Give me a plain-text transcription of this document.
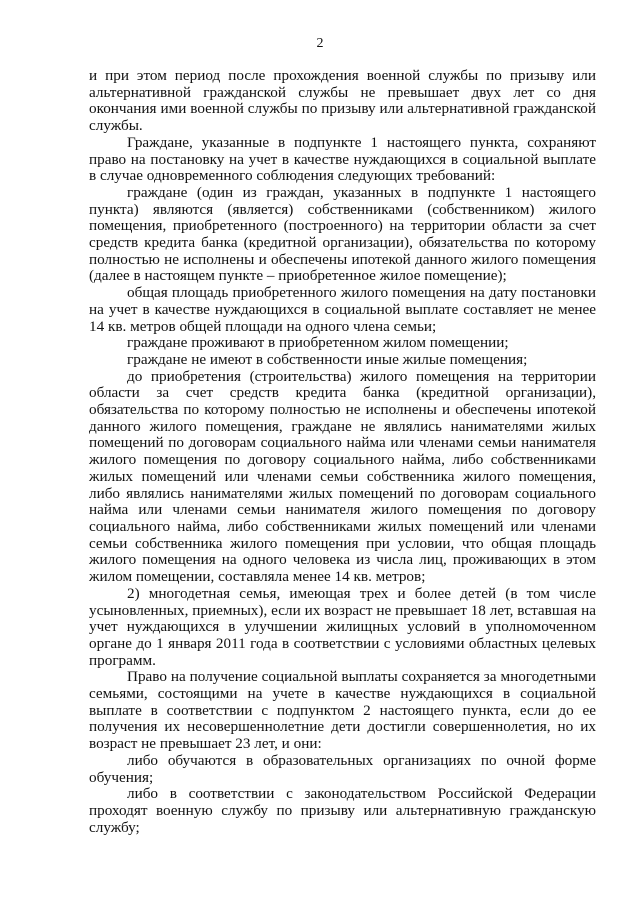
2

и при этом период после прохождения военной службы по призыву или альтернативной гражданской службы не превышает двух лет со дня окончания ими военной службы по призыву или альтернативной гражданской службы.

Граждане, указанные в подпункте 1 настоящего пункта, сохраняют право на постановку на учет в качестве нуждающихся в социальной выплате в случае одновременного соблюдения следующих требований:

граждане (один из граждан, указанных в подпункте 1 настоящего пункта) являются (является) собственниками (собственником) жилого помещения, приобретенного (построенного) на территории области за счет средств кредита банка (кредитной организации), обязательства по которому полностью не исполнены и обеспечены ипотекой данного жилого помещения (далее в настоящем пункте – приобретенное жилое помещение);

общая площадь приобретенного жилого помещения на дату постановки на учет в качестве нуждающихся в социальной выплате составляет не менее 14 кв. метров общей площади на одного члена семьи;

граждане проживают в приобретенном жилом помещении;

граждане не имеют в собственности иные жилые помещения;

до приобретения (строительства) жилого помещения на территории области за счет средств кредита банка (кредитной организации), обязательства по которому полностью не исполнены и обеспечены ипотекой данного жилого помещения, граждане не являлись нанимателями жилых помещений по договорам социального найма или членами семьи нанимателя жилого помещения по договору социального найма, либо собственниками жилых помещений или членами семьи собственника жилого помещения, либо являлись нанимателями жилых помещений по договорам социального найма или членами семьи нанимателя жилого помещения по договору социального найма, либо собственниками жилых помещений или членами семьи собственника жилого помещения при условии, что общая площадь жилого помещения на одного человека из числа лиц, проживающих в этом жилом помещении, составляла менее 14 кв. метров;

2) многодетная семья, имеющая трех и более детей (в том числе усыновленных, приемных), если их возраст не превышает 18 лет, вставшая на учет нуждающихся в улучшении жилищных условий в уполномоченном органе до 1 января 2011 года в соответствии с условиями областных целевых программ.

Право на получение социальной выплаты сохраняется за многодетными семьями, состоящими на учете в качестве нуждающихся в социальной выплате в соответствии с подпунктом 2 настоящего пункта, если до ее получения их несовершеннолетние дети достигли совершеннолетия, но их возраст не превышает 23 лет, и они:

либо обучаются в образовательных организациях по очной форме обучения;

либо в соответствии с законодательством Российской Федерации проходят военную службу по призыву или альтернативную гражданскую службу;
